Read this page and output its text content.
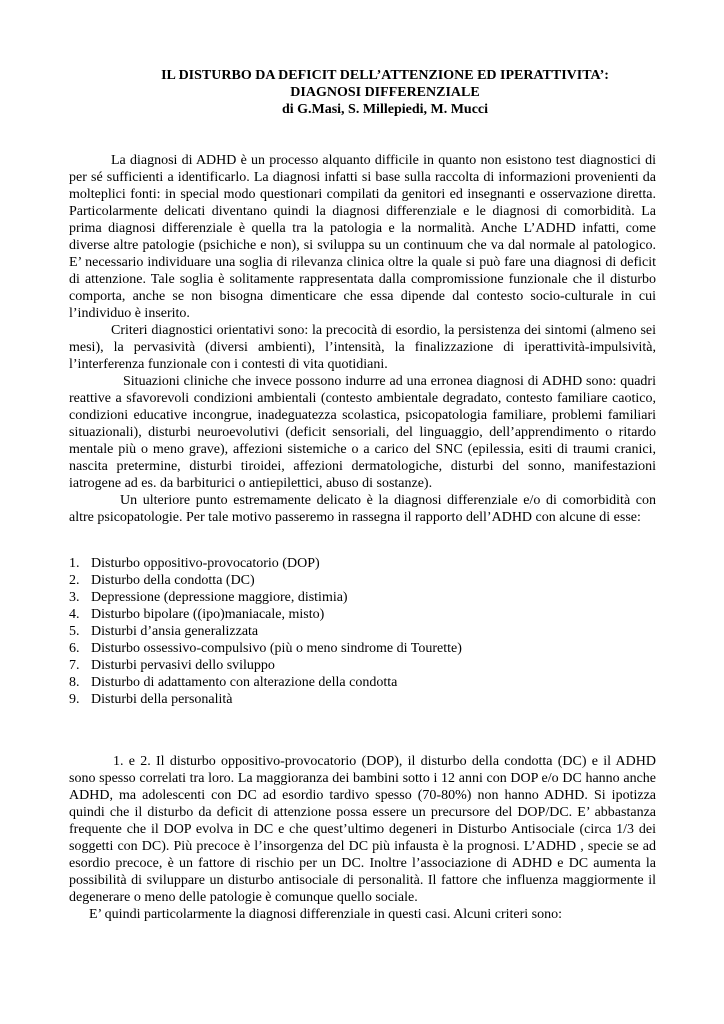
IL DISTURBO DA DEFICIT DELL’ATTENZIONE ED IPERATTIVITA’:
DIAGNOSI DIFFERENZIALE
di G.Masi, S. Millepiedi, M. Mucci

La diagnosi di ADHD è un processo alquanto difficile in quanto non esistono test diagnostici di per sé sufficienti a identificarlo. La diagnosi infatti si base sulla raccolta di informazioni provenienti da molteplici fonti: in special modo questionari compilati da genitori ed insegnanti e osservazione diretta. Particolarmente delicati diventano quindi la diagnosi differenziale e le diagnosi di comorbidità. La prima diagnosi differenziale è quella tra la patologia e la normalità. Anche L’ADHD infatti, come diverse altre patologie (psichiche e non), si sviluppa su un continuum che va dal normale al patologico. E’ necessario individuare una soglia di rilevanza clinica oltre la quale si può fare una diagnosi di deficit di attenzione. Tale soglia è solitamente rappresentata dalla compromissione funzionale che il disturbo comporta, anche se non bisogna dimenticare che essa dipende dal contesto socio-culturale in cui l’individuo è inserito.

Criteri diagnostici orientativi sono: la precocità di esordio, la persistenza dei sintomi (almeno sei mesi), la pervasività (diversi ambienti), l’intensità, la finalizzazione di iperattività-impulsività, l’interferenza funzionale con i contesti di vita quotidiani.

Situazioni cliniche che invece possono indurre ad una erronea diagnosi di ADHD sono: quadri reattive a sfavorevoli condizioni ambientali (contesto ambientale degradato, contesto familiare caotico, condizioni educative incongrue, inadeguatezza scolastica, psicopatologia familiare, problemi familiari situazionali), disturbi neuroevolutivi (deficit sensoriali, del linguaggio, dell’apprendimento o ritardo mentale più o meno grave), affezioni sistemiche o a carico del SNC (epilessia, esiti di traumi cranici, nascita pretermine, disturbi tiroidei, affezioni dermatologiche, disturbi del sonno, manifestazioni iatrogene ad es. da barbiturici o antiepilettici, abuso di sostanze).

Un ulteriore punto estremamente delicato è la diagnosi differenziale e/o di comorbidità con altre psicopatologie. Per tale motivo passeremo in rassegna il rapporto dell’ADHD con alcune di esse:

1. Disturbo oppositivo-provocatorio (DOP)
2. Disturbo della condotta (DC)
3. Depressione (depressione maggiore, distimia)
4. Disturbo bipolare ((ipo)maniacale, misto)
5. Disturbi d’ansia generalizzata
6. Disturbo ossessivo-compulsivo (più o meno sindrome di Tourette)
7. Disturbi pervasivi dello sviluppo
8. Disturbo di adattamento con alterazione della condotta
9. Disturbi della personalità

1. e 2. Il disturbo oppositivo-provocatorio (DOP), il disturbo della condotta (DC) e il ADHD sono spesso correlati tra loro. La maggioranza dei bambini sotto i 12 anni con DOP e/o DC hanno anche ADHD, ma adolescenti con DC ad esordio tardivo spesso (70-80%) non hanno ADHD. Si ipotizza quindi che il disturbo da deficit di attenzione possa essere un precursore del DOP/DC. E’ abbastanza frequente che il DOP evolva in DC e che quest’ultimo degeneri in Disturbo Antisociale (circa 1/3 dei soggetti con DC). Più precoce è l’insorgenza del DC più infausta è la prognosi. L’ADHD , specie se ad esordio precoce, è un fattore di rischio per un DC. Inoltre l’associazione di ADHD e DC aumenta la possibilità di sviluppare un disturbo antisociale di personalità. Il fattore che influenza maggiormente il degenerare o meno delle patologie è comunque quello sociale.

E’ quindi particolarmente la diagnosi differenziale in questi casi. Alcuni criteri sono:
